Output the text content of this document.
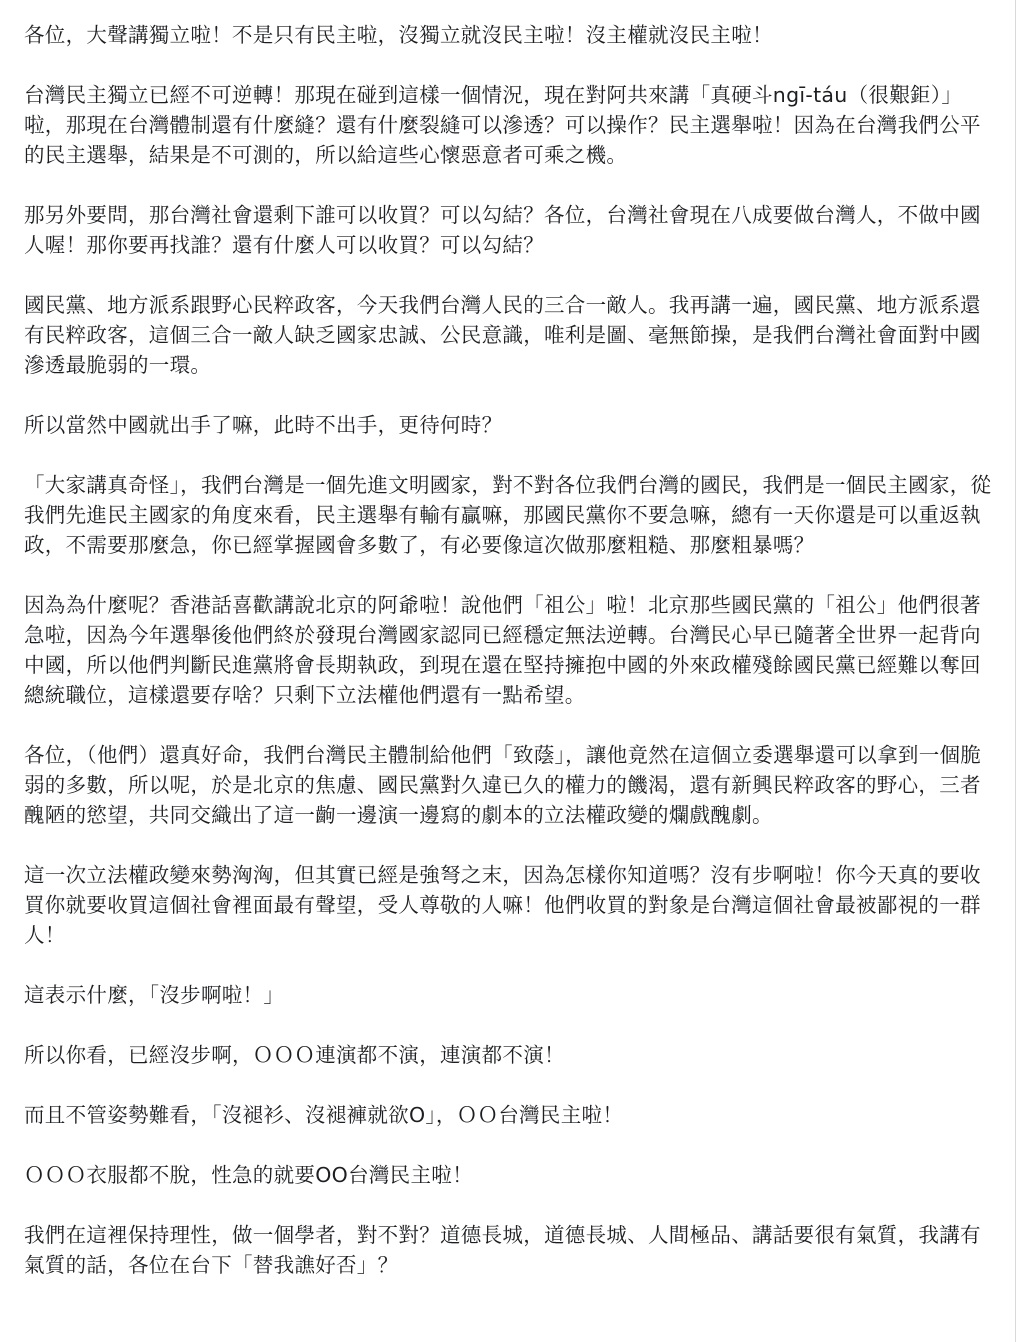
各位，大聲講獨立啦！不是只有民主啦，沒獨立就沒民主啦！沒主權就沒民主啦！

台灣民主獨立已經不可逆轉！那現在碰到這樣一個情況，現在對阿共來講「真硬斗ngī-táu（很艱鉅）」啦，那現在台灣體制還有什麼縫？還有什麼裂縫可以滲透？可以操作？民主選舉啦！因為在台灣我們公平的民主選舉，結果是不可測的，所以給這些心懷惡意者可乘之機。

那另外要問，那台灣社會還剩下誰可以收買？可以勾結？各位，台灣社會現在八成要做台灣人，不做中國人喔！那你要再找誰？還有什麼人可以收買？可以勾結？

國民黨、地方派系跟野心民粹政客，今天我們台灣人民的三合一敵人。我再講一遍，國民黨、地方派系還有民粹政客，這個三合一敵人缺乏國家忠誠、公民意識，唯利是圖、毫無節操，是我們台灣社會面對中國滲透最脆弱的一環。

所以當然中國就出手了嘛，此時不出手，更待何時？

「大家講真奇怪」，我們台灣是一個先進文明國家，對不對各位我們台灣的國民，我們是一個民主國家，從我們先進民主國家的角度來看，民主選舉有輸有贏嘛，那國民黨你不要急嘛，總有一天你還是可以重返執政，不需要那麼急，你已經掌握國會多數了，有必要像這次做那麼粗糙、那麼粗暴嗎？

因為為什麼呢？香港話喜歡講說北京的阿爺啦！說他們「祖公」啦！北京那些國民黨的「祖公」他們很著急啦，因為今年選舉後他們終於發現台灣國家認同已經穩定無法逆轉。台灣民心早已隨著全世界一起背向中國，所以他們判斷民進黨將會長期執政，到現在還在堅持擁抱中國的外來政權殘餘國民黨已經難以奪回總統職位，這樣還要存啥？只剩下立法權他們還有一點希望。

各位，（他們）還真好命，我們台灣民主體制給他們「致蔭」，讓他竟然在這個立委選舉還可以拿到一個脆弱的多數，所以呢，於是北京的焦慮、國民黨對久違已久的權力的饑渴，還有新興民粹政客的野心，三者醜陋的慾望，共同交織出了這一齣一邊演一邊寫的劇本的立法權政變的爛戲醜劇。

這一次立法權政變來勢洶洶，但其實已經是強弩之末，因為怎樣你知道嗎？沒有步啊啦！你今天真的要收買你就要收買這個社會裡面最有聲望，受人尊敬的人嘛！他們收買的對象是台灣這個社會最被鄙視的一群人！

這表示什麼，「沒步啊啦！」

所以你看，已經沒步啊，ＯＯＯ連演都不演，連演都不演！

而且不管姿勢難看，「沒褪衫、沒褪褲就欲O」，ＯＯ台灣民主啦！

ＯＯＯ衣服都不脫，性急的就要OO台灣民主啦！

我們在這裡保持理性，做一個學者，對不對？道德長城，道德長城、人間極品、講話要很有氣質，我講有氣質的話，各位在台下「替我譙好否」？
